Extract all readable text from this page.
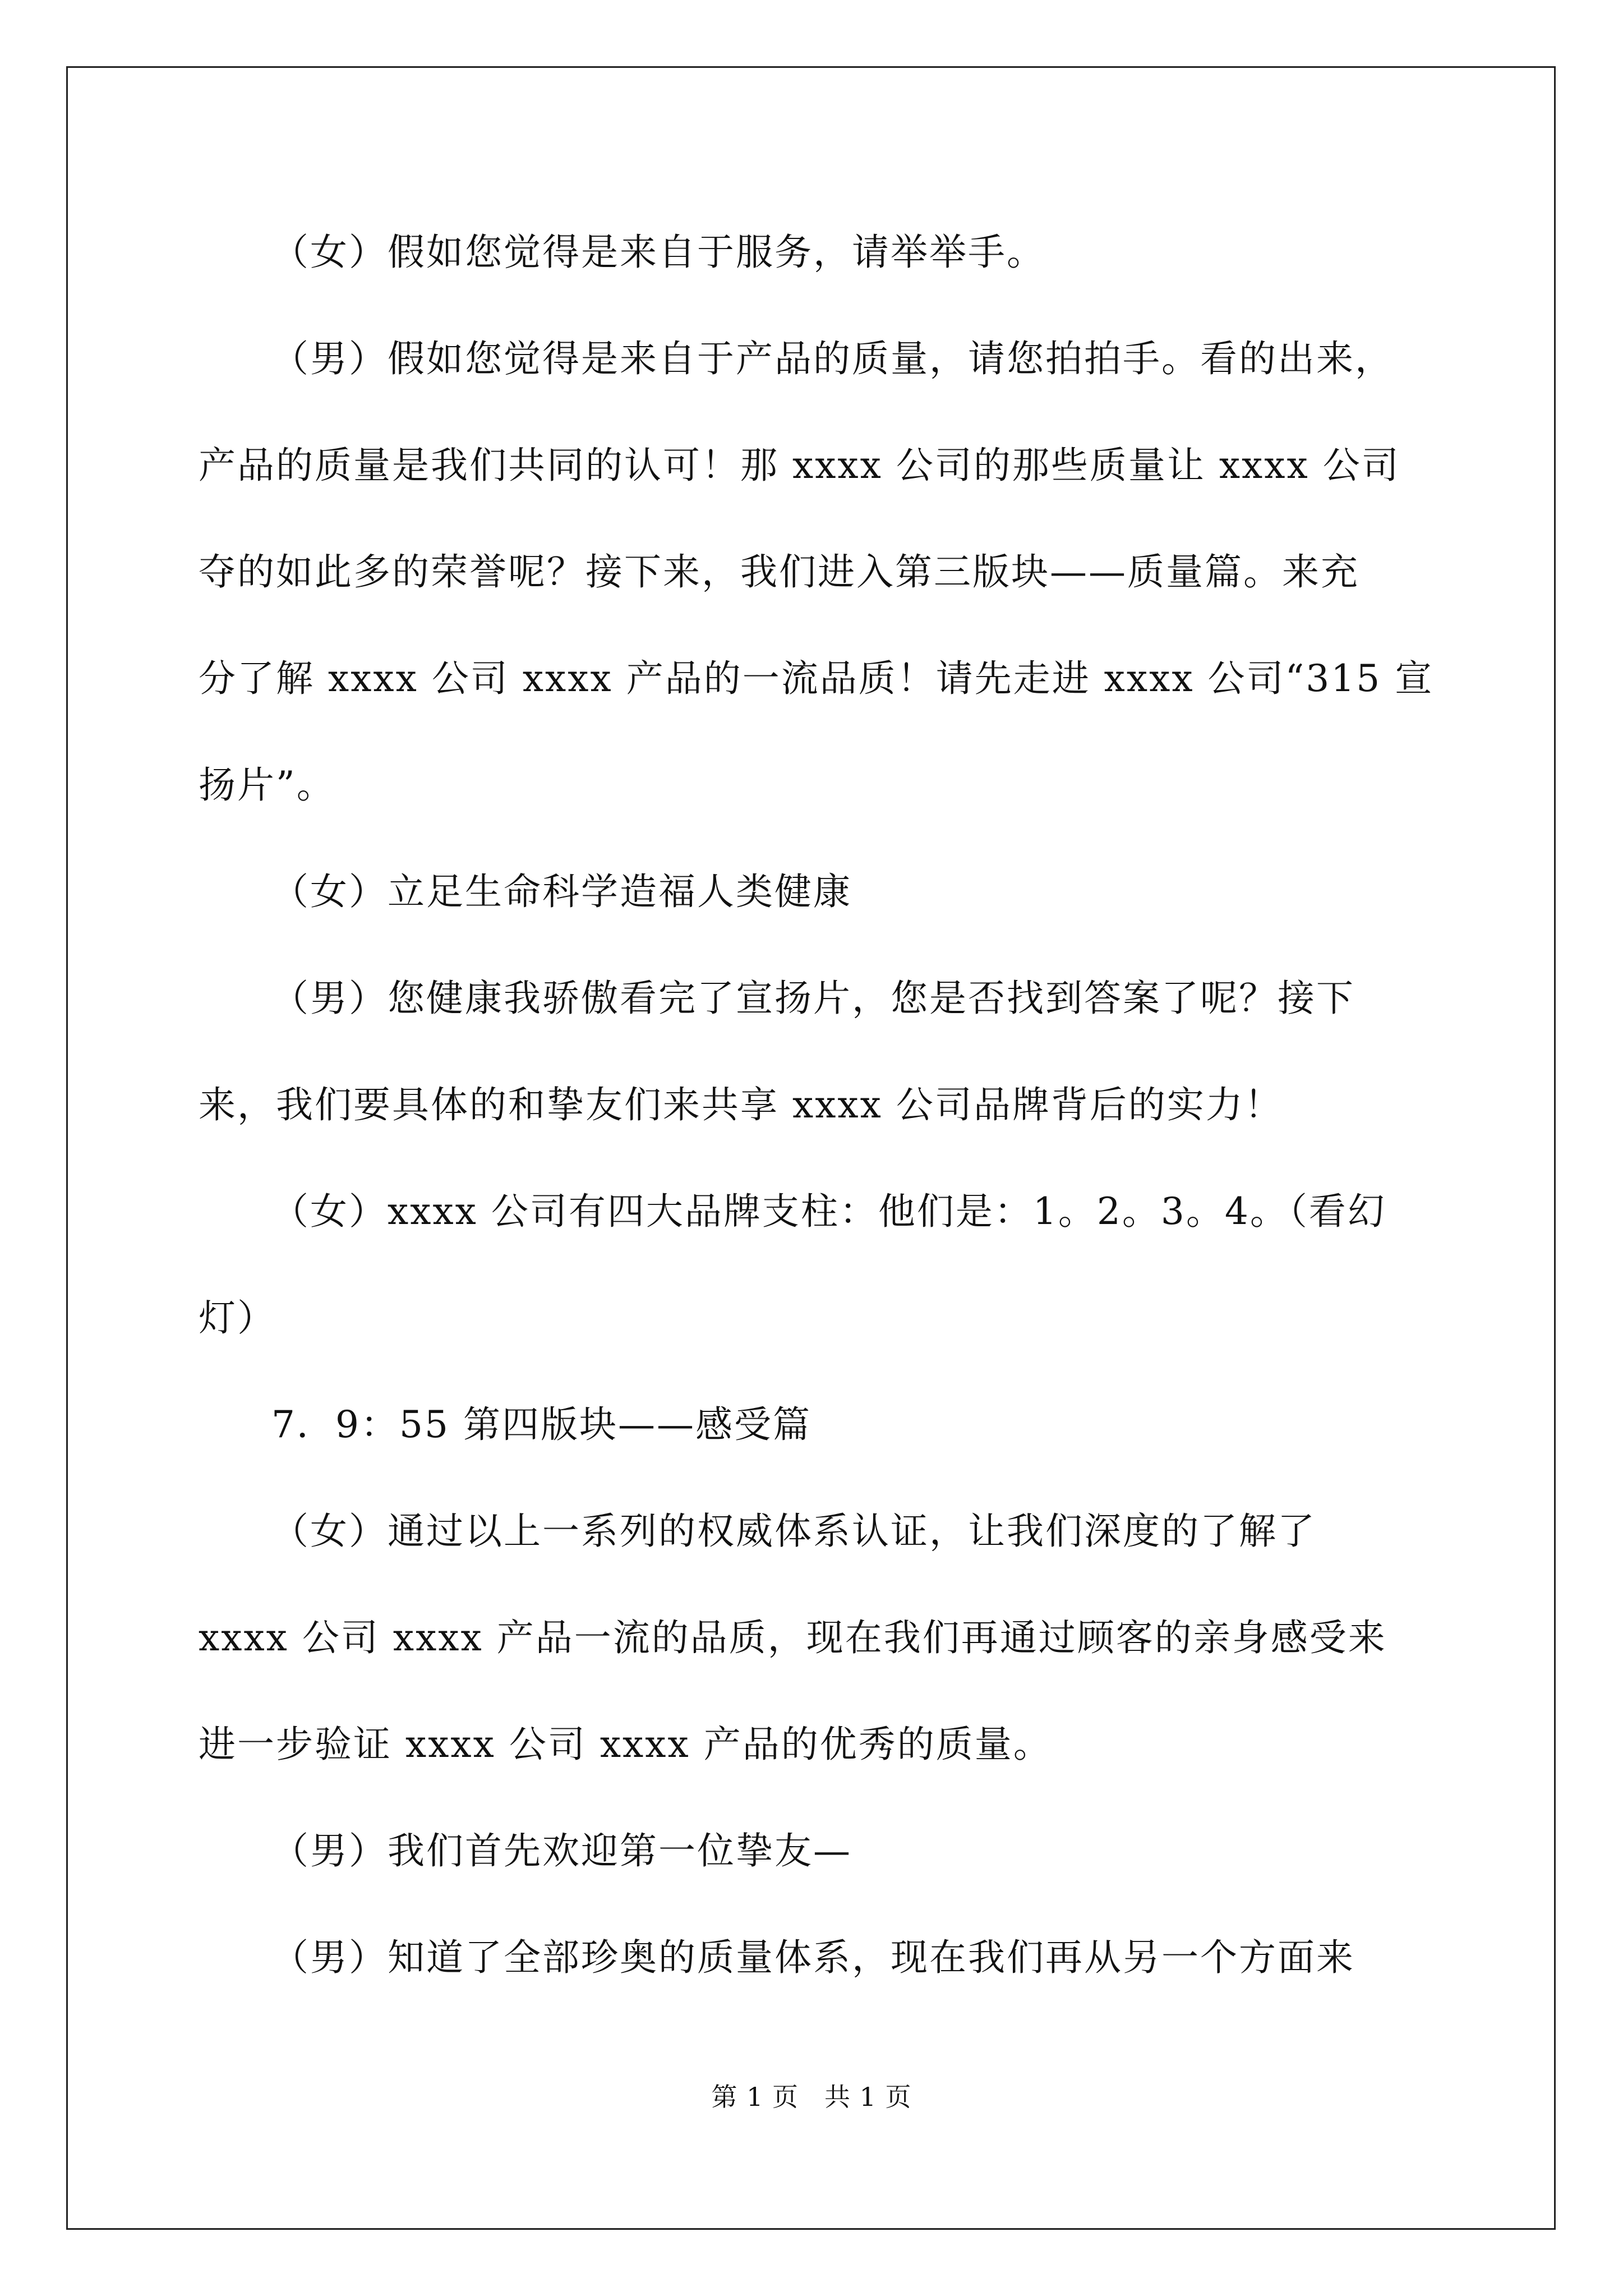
（女）假如您觉得是来自于服务，请举举手。
（男）假如您觉得是来自于产品的质量，请您拍拍手。看的出来，
产品的质量是我们共同的认可！那 xxxx 公司的那些质量让 xxxx 公司
夺的如此多的荣誉呢？接下来，我们进入第三版块——质量篇。来充
分了解 xxxx 公司 xxxx 产品的一流品质！请先走进 xxxx 公司“315 宣
扬片”。
（女）立足生命科学造福人类健康
（男）您健康我骄傲看完了宣扬片，您是否找到答案了呢？接下
来，我们要具体的和挚友们来共享 xxxx 公司品牌背后的实力！
（女）xxxx 公司有四大品牌支柱：他们是：1。2。3。4。（看幻
灯）
7．9：55 第四版块——感受篇
（女）通过以上一系列的权威体系认证，让我们深度的了解了
xxxx 公司 xxxx 产品一流的品质，现在我们再通过顾客的亲身感受来
进一步验证 xxxx 公司 xxxx 产品的优秀的质量。
（男）我们首先欢迎第一位挚友—
（男）知道了全部珍奥的质量体系，现在我们再从另一个方面来
第 1 页 共 1 页
